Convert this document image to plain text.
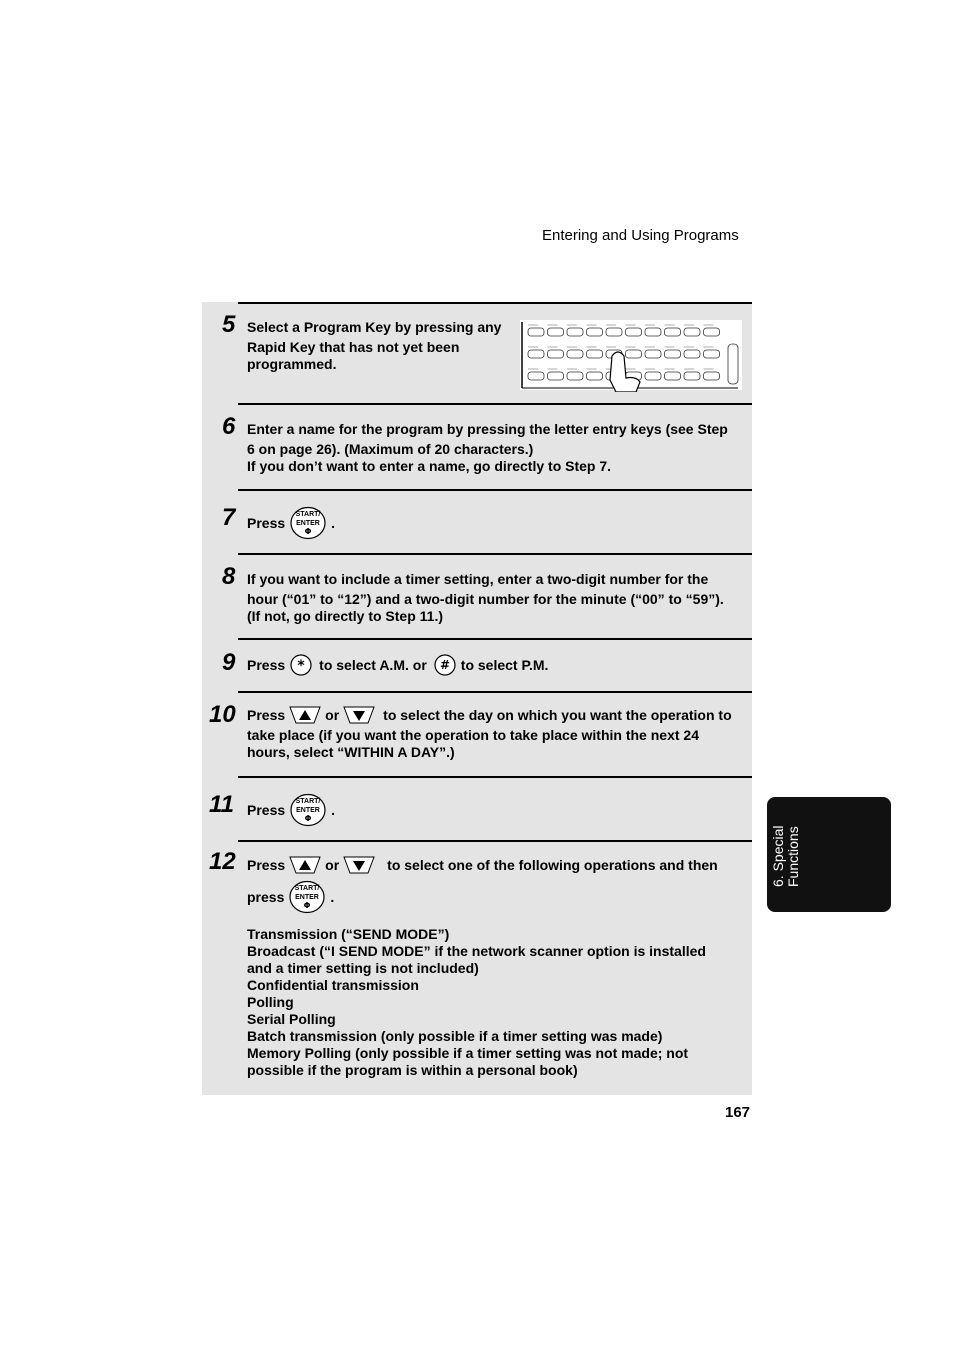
Entering and Using Programs
5 Select a Program Key by pressing any
Rapid Key that has not yet been
programmed.
6 Enter a name for the program by pressing the letter entry keys (see Step
6 on page 26). (Maximum of 20 characters.)
If you don’t want to enter a name, go directly to Step 7.
7 Press START/
ENTER
Φ
.
8 If you want to include a timer setting, enter a two-digit number for the
hour (“01” to “12”) and a two-digit number for the minute (“00” to “59”).
(If not, go directly to Step 11.)
9 Press * to select A.M. or # to select P.M.
10 Press	or	to select the day on which you want the operation to
take place (if you want the operation to take place within the next 24
hours, select “WITHIN A DAY”.)
11 Press START/
ENTER
Φ
.
12 Press	or	to select one of the following operations and then
press START/
ENTER
Φ
.
Transmission (“SEND MODE”)
Broadcast (“I SEND MODE” if the network scanner option is installed
and a timer setting is not included)
Confidential transmission
Polling
Serial Polling
Batch transmission (only possible if a timer setting was made)
Memory Polling (only possible if a timer setting was not made; not
possible if the program is within a personal book)
6. Special Functions
167
